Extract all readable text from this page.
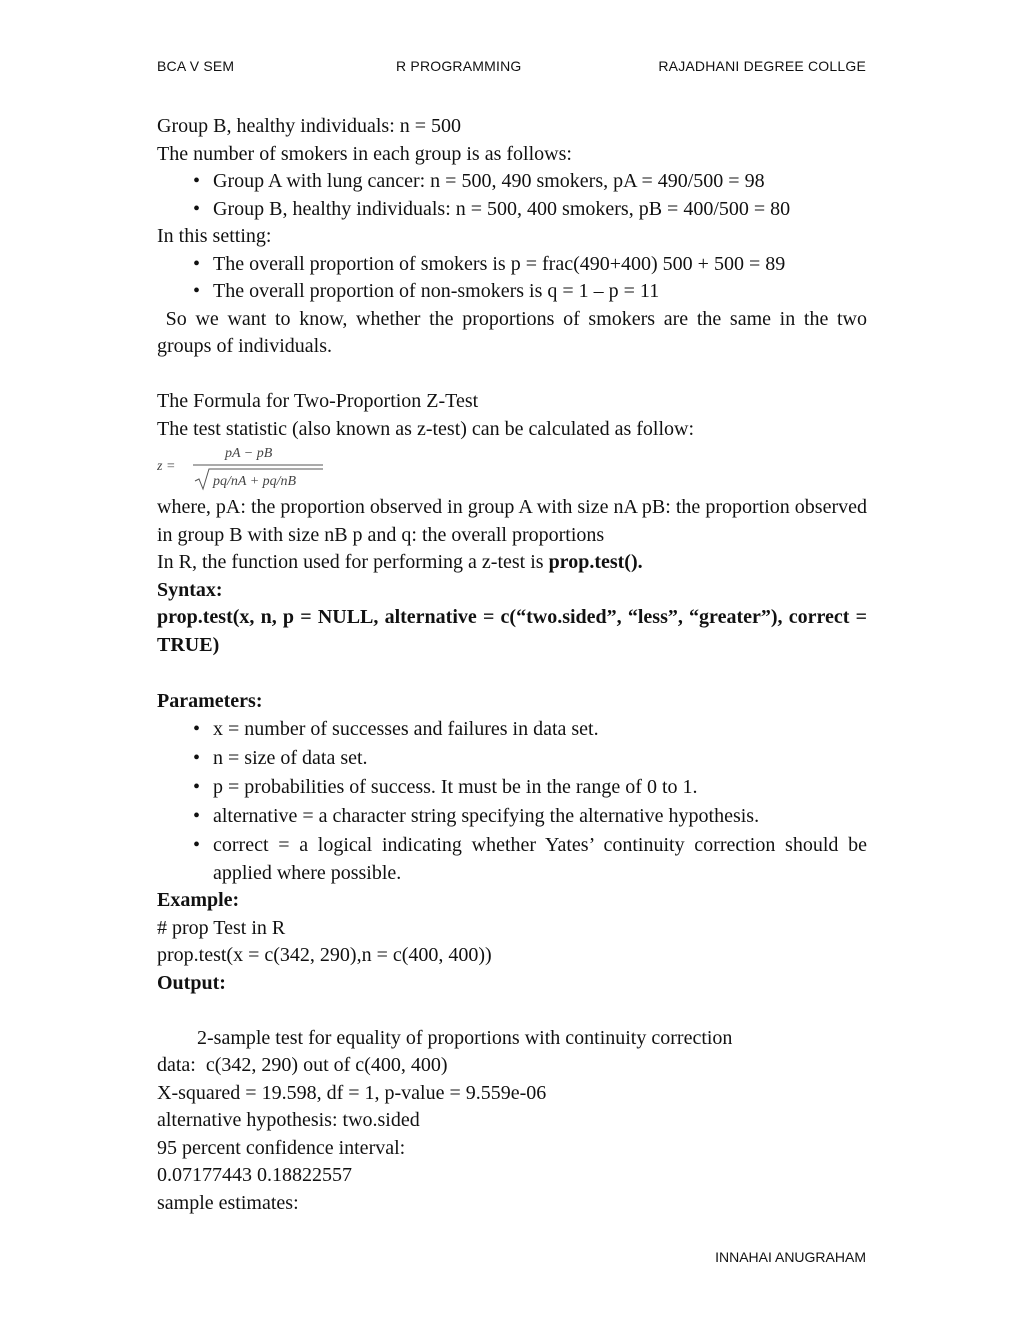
BCA V SEM	R PROGRAMMING	RAJADHANI DEGREE COLLGE

Group B, healthy individuals: n = 500

The number of smokers in each group is as follows:

• Group A with lung cancer: n = 500, 490 smokers, pA = 490/500 = 98
• Group B, healthy individuals: n = 500, 400 smokers, pB = 400/500 = 80

In this setting:

• The overall proportion of smokers is p = frac(490+400) 500 + 500 = 89
• The overall proportion of non-smokers is q = 1 – p = 11

So we want to know, whether the proportions of smokers are the same in the two groups of individuals.

The Formula for Two-Proportion Z-Test

The test statistic (also known as z-test) can be calculated as follow:

z =
pA − pB
pq/nA + pq/nB

where, pA: the proportion observed in group A with size nA pB: the proportion observed in group B with size nB p and q: the overall proportions

In R, the function used for performing a z-test is prop.test().

Syntax:

prop.test(x, n, p = NULL, alternative = c(“two.sided”, “less”, “greater”), correct = TRUE)

Parameters:

• x = number of successes and failures in data set.
• n = size of data set.
• p = probabilities of success. It must be in the range of 0 to 1.
• alternative = a character string specifying the alternative hypothesis.
• correct = a logical indicating whether Yates’ continuity correction should be applied where possible.

Example:

# prop Test in R

prop.test(x = c(342, 290),n = c(400, 400))

Output:

2-sample test for equality of proportions with continuity correction

data:  c(342, 290) out of c(400, 400)

X-squared = 19.598, df = 1, p-value = 9.559e-06

alternative hypothesis: two.sided

95 percent confidence interval:

0.07177443 0.18822557

sample estimates:

INNAHAI ANUGRAHAM
